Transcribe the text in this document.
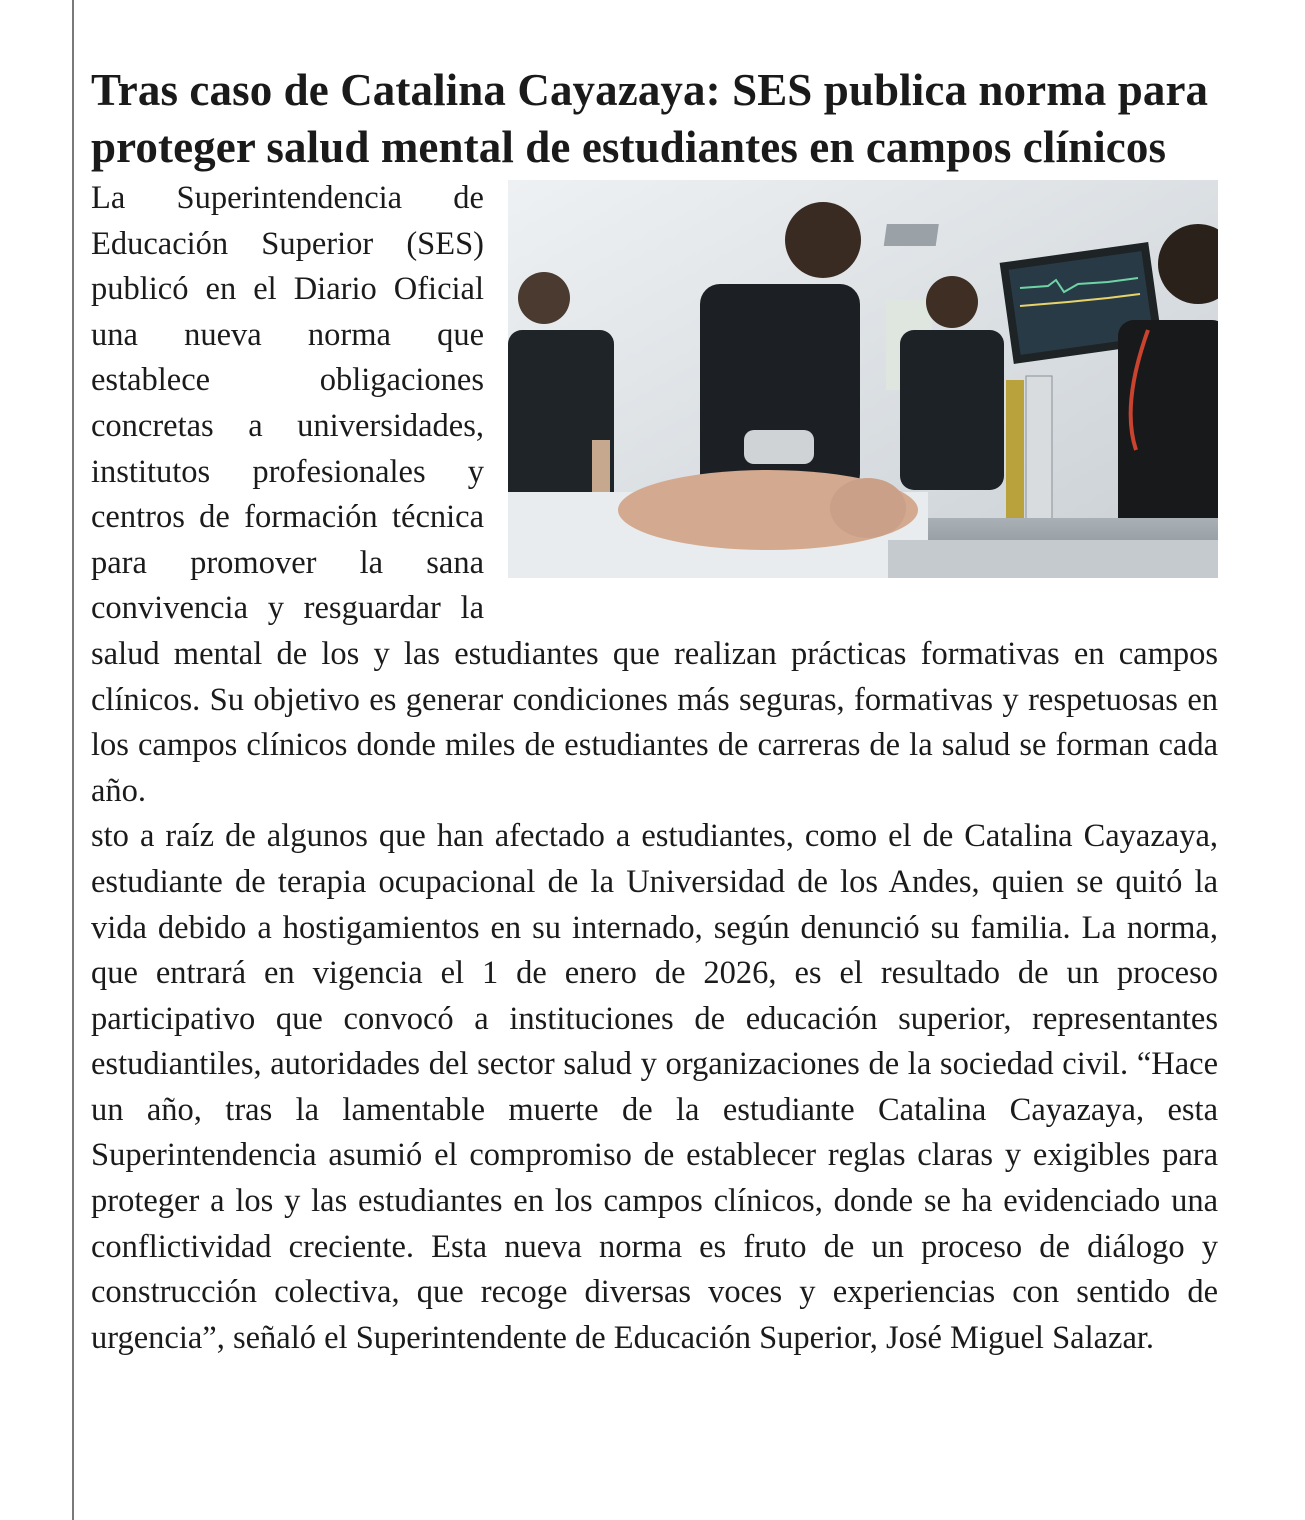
Tras caso de Catalina Cayazaya: SES publica norma para proteger salud mental de estudiantes en campos clínicos

La Superintendencia de Educación Superior (SES) publicó en el Diario Oficial una nueva norma que establece obligaciones concretas a universidades, institutos profesionales y centros de formación técnica para promover la sana convivencia y resguardar la salud mental de los y las estudiantes que realizan prácticas formativas en campos clínicos. Su objetivo es generar condiciones más seguras, formativas y respetuosas en los campos clínicos donde miles de estudiantes de carreras de la salud se forman cada año.

sto a raíz de algunos que han afectado a estudiantes, como el de Catalina Cayazaya, estudiante de terapia ocupacional de la Universidad de los Andes, quien se quitó la vida debido a hostigamientos en su internado, según denunció su familia. La norma, que entrará en vigencia el 1 de enero de 2026, es el resultado de un proceso participativo que convocó a instituciones de educación superior, representantes estudiantiles, autoridades del sector salud y organizaciones de la sociedad civil. “Hace un año, tras la lamentable muerte de la estudiante Catalina Cayazaya, esta Superintendencia asumió el compromiso de establecer reglas claras y exigibles para proteger a los y las estudiantes en los campos clínicos, donde se ha evidenciado una conflictividad creciente. Esta nueva norma es fruto de un proceso de diálogo y construcción colectiva, que recoge diversas voces y experiencias con sentido de urgencia”, señaló el Superintendente de Educación Superior, José Miguel Salazar.
